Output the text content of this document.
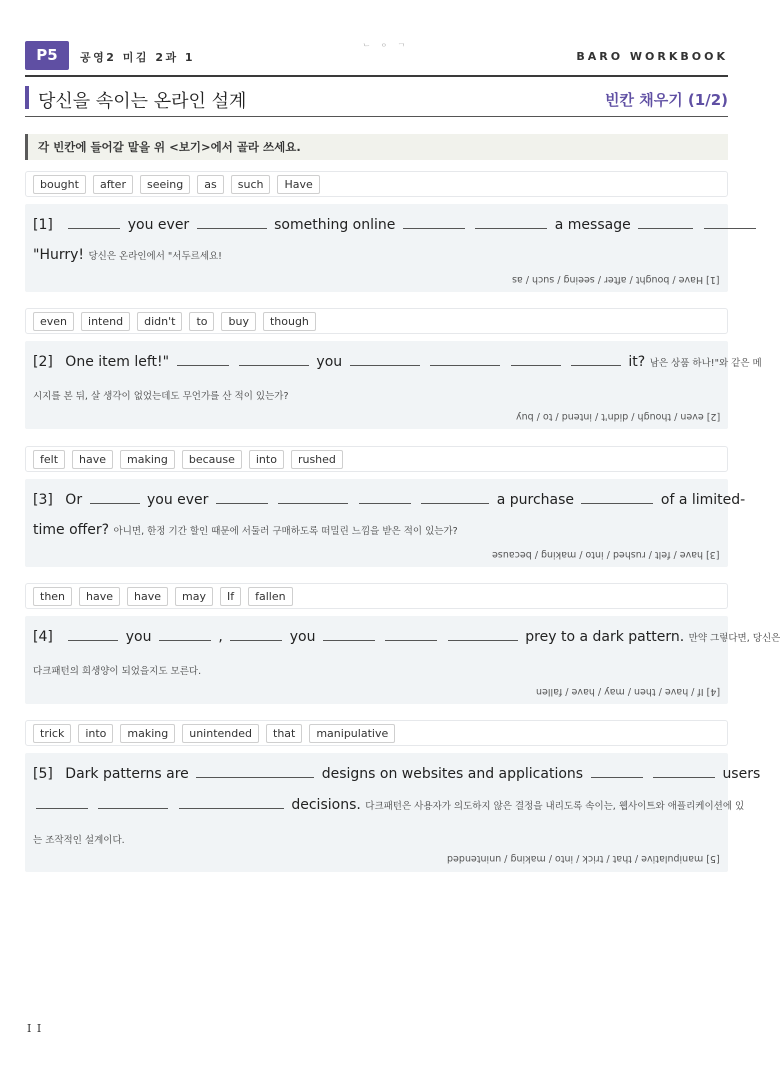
P5	공영2 미김 2과 1
ᄂ ᄋ ᄀ
BARO WORKBOOK
당신을 속이는 온라인 설계	빈칸 채우기 (1/2)
각 빈칸에 들어갈 말을 위 <보기>에서 골라 쓰세요.
bought	after	seeing	as	such	Have
[1]	you ever	something online	a message
"Hurry! 당신은 온라인에서 "서두르세요!
[1] Have / bought / after / seeing / such / as
even	intend	didn't	to	buy	though
[2] One item left!"	you	it? 남은 상품 하나!"와 같은 메
시지를 본 뒤, 살 생각이 없었는데도 무언가를 산 적이 있는가?
[2] even / though / didn't / intend / to / buy
felt	have	making	because	into	rushed
[3] Or	you ever	a purchase	of a limited-
time offer? 아니면, 한정 기간 할인 때문에 서둘러 구매하도록 떠밀린 느낌을 받은 적이 있는가?
[3] have / felt / rushed / into / making / because
then	have	have	may	If	fallen
[4]	you	,	you	prey to a dark pattern. 만약 그렇다면, 당신은
다크패턴의 희생양이 되었을지도 모른다.
[4] If / have / then / may / have / fallen
trick	into	making	unintended	that	manipulative
[5] Dark patterns are	designs on websites and applications	users
decisions. 다크패턴은 사용자가 의도하지 않은 결정을 내리도록 속이는, 웹사이트와 애플리케이션에 있
는 조작적인 설계이다.
[5] manipulative / that / trick / into / making / unintended
I I
